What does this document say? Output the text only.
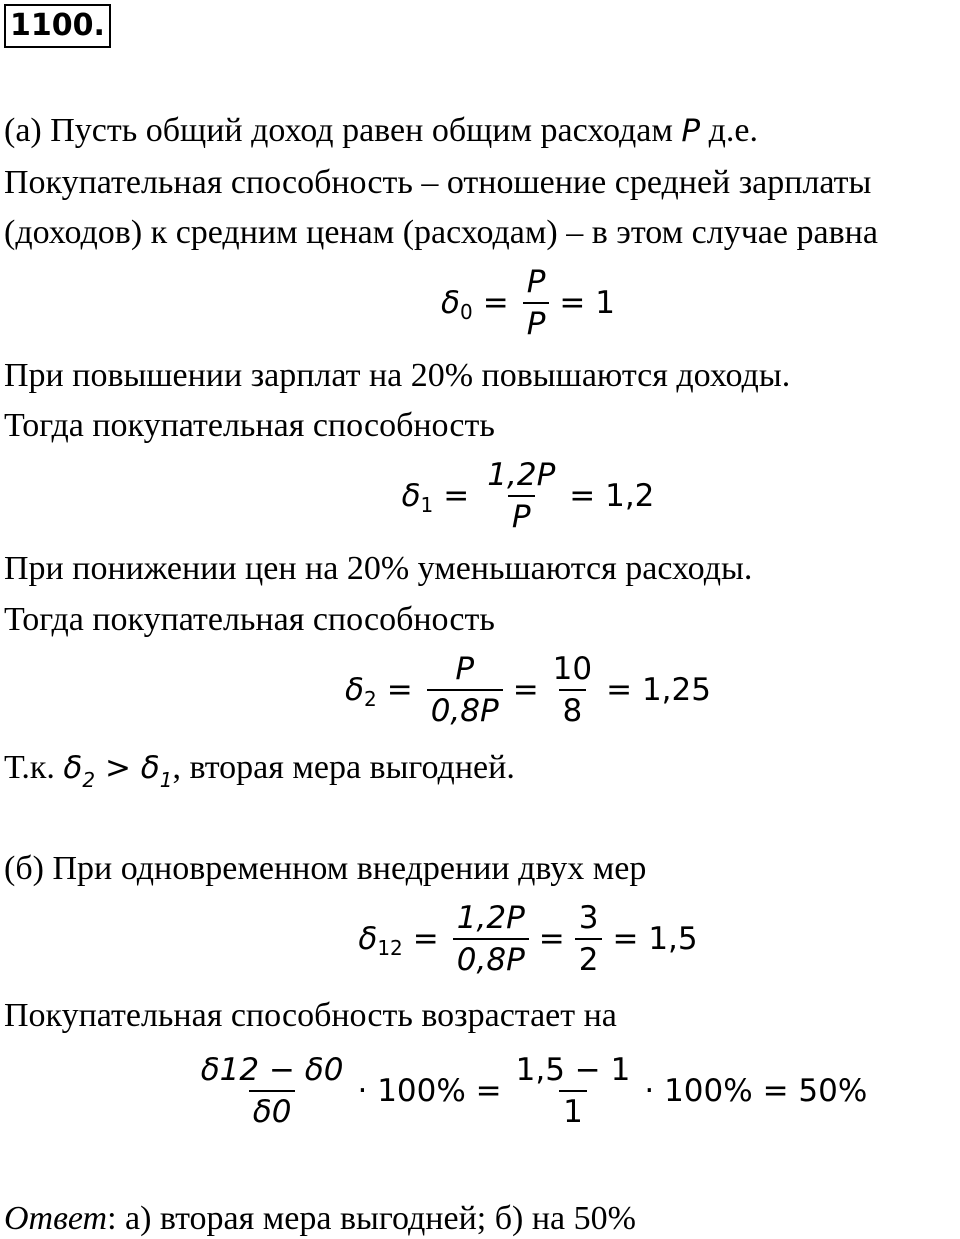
1100.
(а) Пусть общий доход равен общим расходам P д.е.
Покупательная способность – отношение средней зарплаты
(доходов) к средним ценам (расходам) – в этом случае равна
δ $0 = \frac{P}{P} = 1$
При повышении зарплат на 20% повышаются доходы.
Тогда покупательная способность
δ $1 = \frac{1,2P}{P} = 1,2$
При понижении цен на 20% уменьшаются расходы.
Тогда покупательная способность
δ $2 = \frac{P}{0,8P} = \frac{10}{8} = 1,25$
Т.к. $\delta_2 > \delta_1$, вторая мера выгодней.
(б) При одновременном внедрении двух мер
δ $12 = \frac{1,2P}{0,8P} = \frac{3}{2} = 1,5$
Покупательная способность возрастает на
$\frac{\delta 12 - \delta 0}{\delta 0} \cdot 100\% = \frac{1,5 - 1}{1} \cdot 100\% = 50\%$
Ответ: а) вторая мера выгодней; б) на 50%
